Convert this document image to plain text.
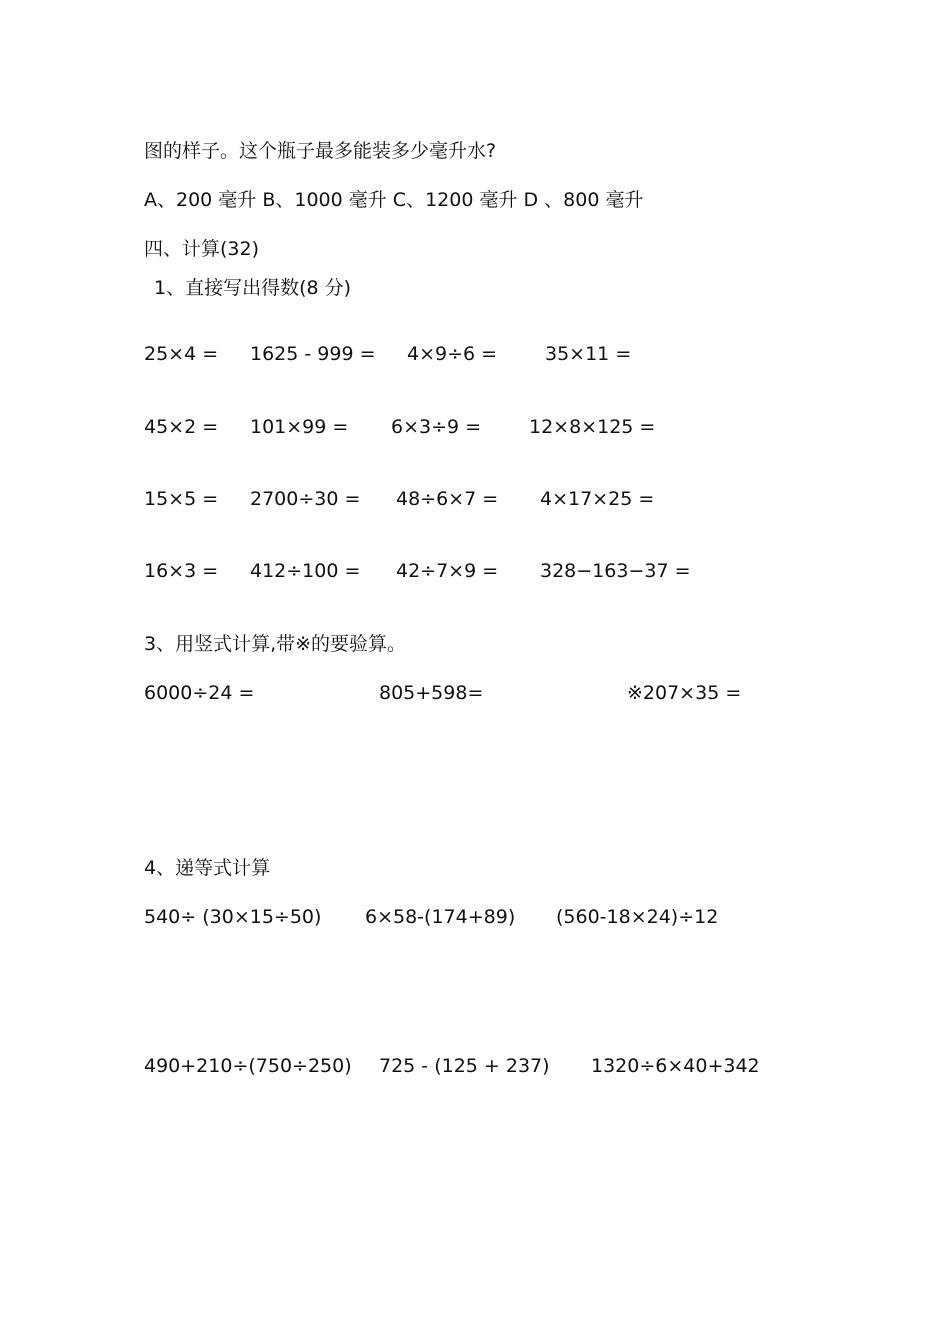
图的样子。这个瓶子最多能装多少毫升水?
A、200 毫升 B、1000 毫升 C、1200 毫升 D 、800 毫升
四、计算(32)
1、直接写出得数(8 分)
25×4 = 1625 - 999 = 4×9÷6 =	35×11 =
45×2 = 101×99 = 6×3÷9 =	12×8×125 =
15×5 = 2700÷30 = 48÷6×7 = 4×17×25 =
16×3 = 412÷100 = 42÷7×9 = 328−163−37 =
3、用竖式计算,带※的要验算。
6000÷24 =	805+598=	※207×35 =
4、递等式计算
540÷ (30×15÷50) 6×58-(174+89) (560-18×24)÷12
490+210÷(750÷250) 725 - (125 + 237) 1320÷6×40+342
